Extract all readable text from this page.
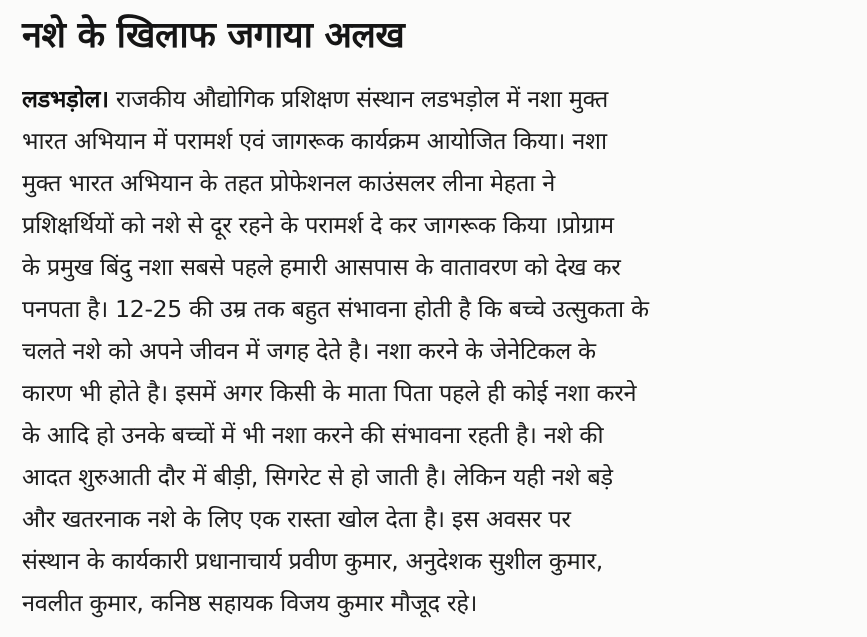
नशे के खिलाफ जगाया अलख
लडभड़ोल। राजकीय औद्योगिक प्रशिक्षण संस्थान लडभड़ोल में नशा मुक्त
भारत अभियान में परामर्श एवं जागरूक कार्यक्रम आयोजित किया। नशा
मुक्त भारत अभियान के तहत प्रोफेशनल काउंसलर लीना मेहता ने
प्रशिक्षर्थियों को नशे से दूर रहने के परामर्श दे कर जागरूक किया ।प्रोग्राम
के प्रमुख बिंदु नशा सबसे पहले हमारी आसपास के वातावरण को देख कर
पनपता है। 12-25 की उम्र तक बहुत संभावना होती है कि बच्चे उत्सुकता के
चलते नशे को अपने जीवन में जगह देते है। नशा करने के जेनेटिकल के
कारण भी होते है। इसमें अगर किसी के माता पिता पहले ही कोई नशा करने
के आदि हो उनके बच्चों में भी नशा करने की संभावना रहती है। नशे की
आदत शुरुआती दौर में बीड़ी, सिगरेट से हो जाती है। लेकिन यही नशे बड़े
और खतरनाक नशे के लिए एक रास्ता खोल देता है। इस अवसर पर
संस्थान के कार्यकारी प्रधानाचार्य प्रवीण कुमार, अनुदेशक सुशील कुमार,
नवलीत कुमार, कनिष्ठ सहायक विजय कुमार मौजूद रहे।
